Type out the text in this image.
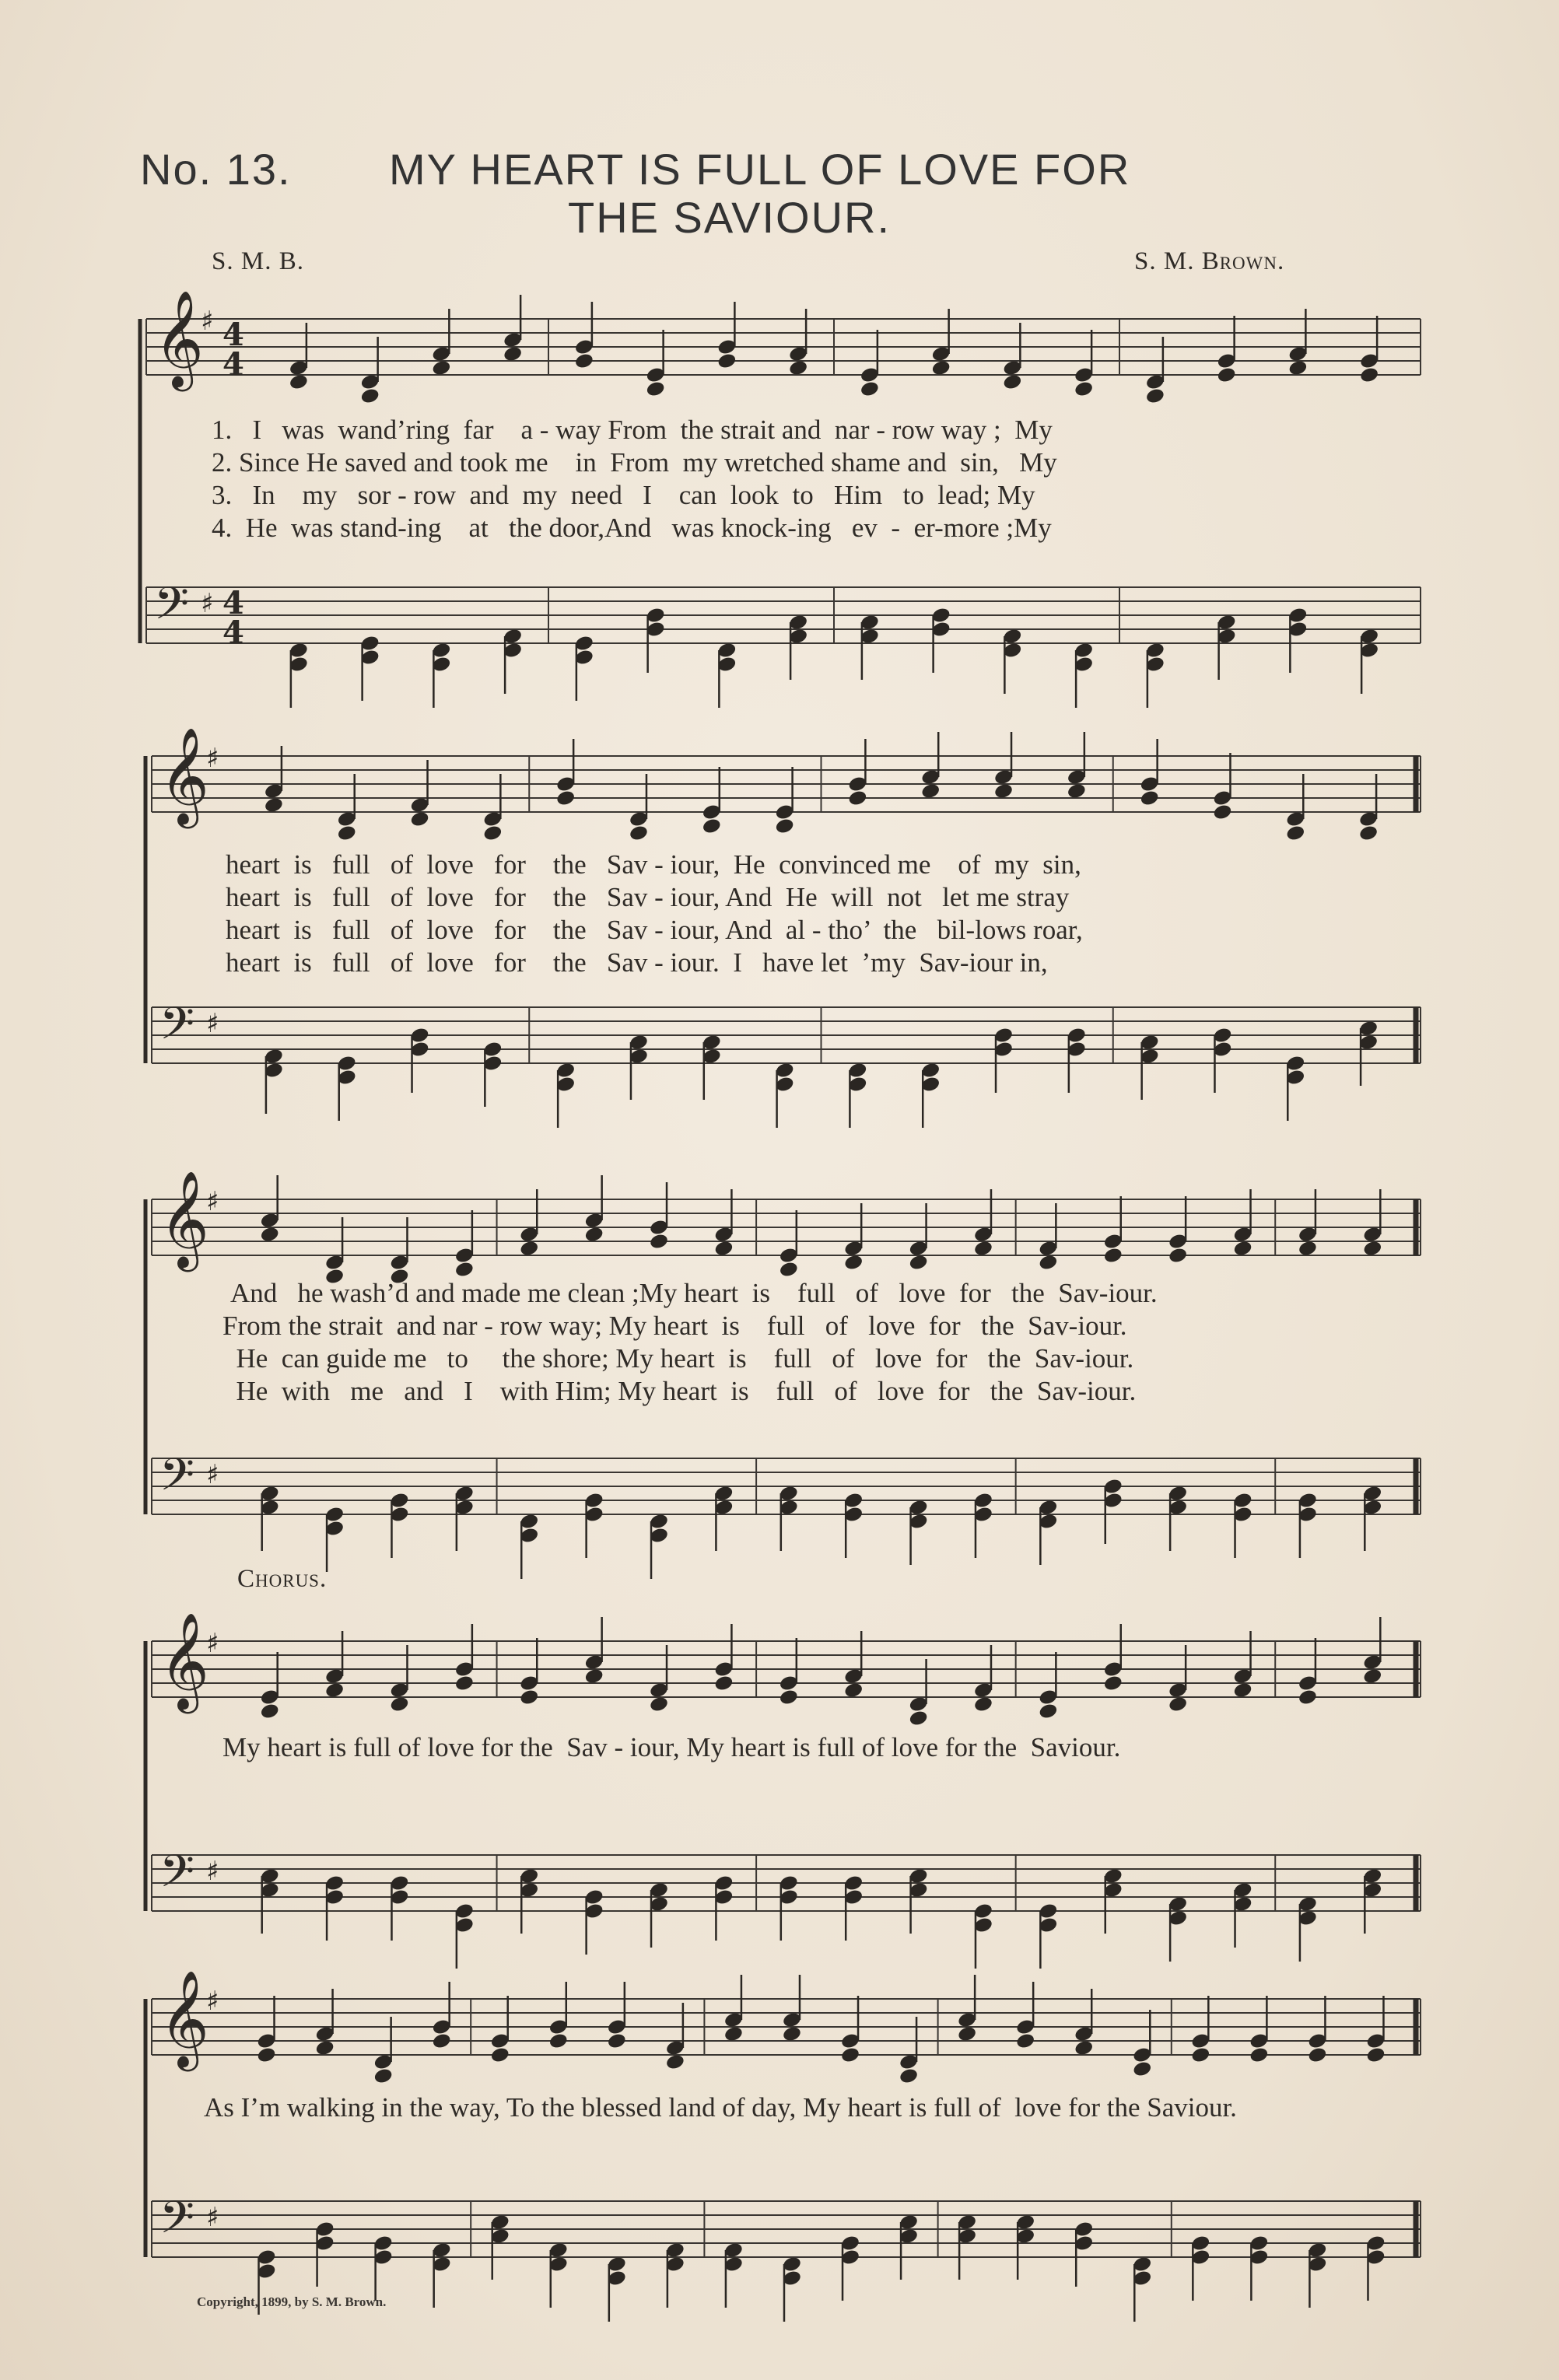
No. 13. MY HEART IS FULL OF LOVE FOR
THE SAVIOUR.
S. M. B.	S. M. Brown.
𝄞
♯ 4
4
𝄢 ♯ 4
4
𝄞
♯
𝄢 ♯
𝄞
♯
𝄢 ♯
𝄞
♯
𝄢 ♯
𝄞
♯
𝄢 ♯
1.   I   was  wand’ring  far    a - way From  the strait and  nar - row way ;  My
2. Since He saved and took me    in  From  my wretched shame and  sin,   My
3.   In    my   sor - row  and  my  need   I    can  look  to   Him   to  lead; My
4.  He  was stand-ing    at   the door,And   was knock-ing   ev  -  er-more ;My
heart  is   full   of  love   for    the   Sav - iour,  He  convinced me    of  my  sin,
heart  is   full   of  love   for    the   Sav - iour, And  He  will  not   let me stray
heart  is   full   of  love   for    the   Sav - iour, And  al - tho’  the   bil-lows roar,
heart  is   full   of  love   for    the   Sav - iour.  I   have let  ’my  Sav-iour in,
And   he wash’d and made me clean ;My heart  is    full   of   love  for   the  Sav-iour.
From the strait  and nar - row way; My heart  is    full   of   love  for   the  Sav-iour.
He  can guide me   to     the shore; My heart  is    full   of   love  for   the  Sav-iour.
He  with   me   and   I    with Him; My heart  is    full   of   love  for   the  Sav-iour.
Chorus.
My heart is full of love for the  Sav - iour, My heart is full of love for the  Saviour.
As I’m walking in the way, To the blessed land of day, My heart is full of  love for the Saviour.
Copyright, 1899, by S. M. Brown.
